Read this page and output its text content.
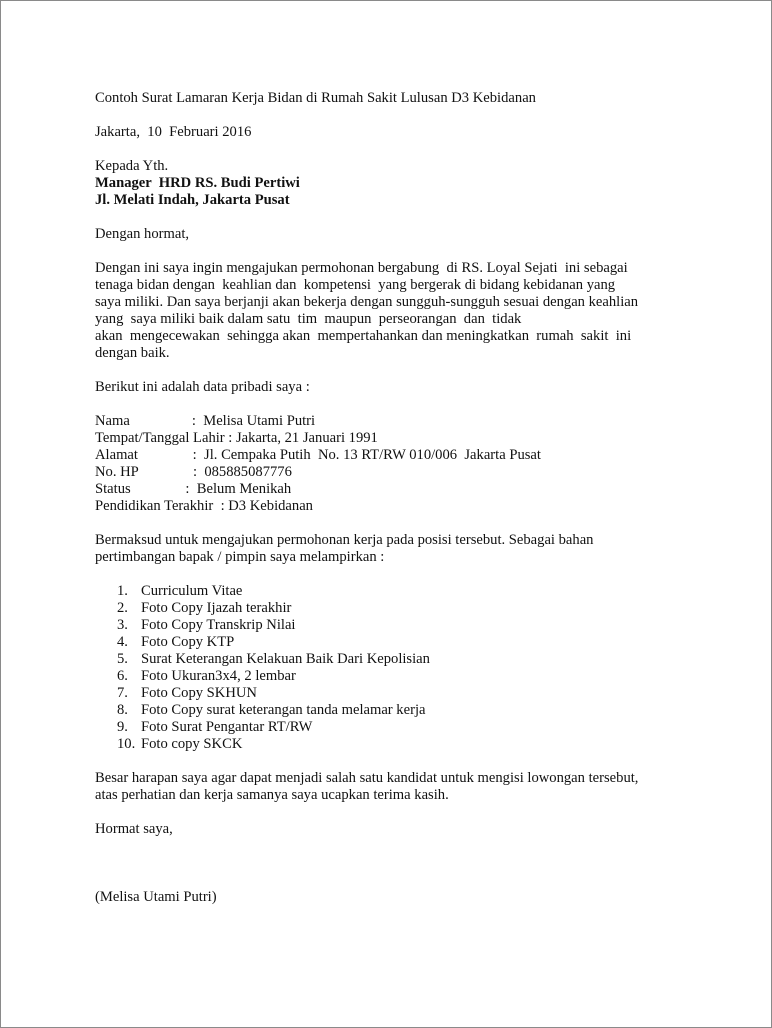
Contoh Surat Lamaran Kerja Bidan di Rumah Sakit Lulusan D3 Kebidanan

Jakarta,  10  Februari 2016

Kepada Yth.

Manager  HRD RS. Budi Pertiwi

Jl. Melati Indah, Jakarta Pusat

Dengan hormat,

Dengan ini saya ingin mengajukan permohonan bergabung  di RS. Loyal Sejati  ini sebagai
tenaga bidan dengan  keahlian dan  kompetensi  yang bergerak di bidang kebidanan yang
saya miliki. Dan saya berjanji akan bekerja dengan sungguh-sungguh sesuai dengan keahlian
yang  saya miliki baik dalam satu  tim  maupun  perseorangan  dan  tidak
akan  mengecewakan  sehingga akan  mempertahankan dan meningkatkan  rumah  sakit  ini
dengan baik.

Berikut ini adalah data pribadi saya :

Nama                 :  Melisa Utami Putri
Tempat/Tanggal Lahir : Jakarta, 21 Januari 1991
Alamat               :  Jl. Cempaka Putih  No. 13 RT/RW 010/006  Jakarta Pusat
No. HP               :  085885087776
Status               :  Belum Menikah
Pendidikan Terakhir  : D3 Kebidanan
Bermaksud untuk mengajukan permohonan kerja pada posisi tersebut. Sebagai bahan
pertimbangan bapak / pimpin saya melampirkan :
1. Curriculum Vitae
2. Foto Copy Ijazah terakhir
3. Foto Copy Transkrip Nilai
4. Foto Copy KTP
5. Surat Keterangan Kelakuan Baik Dari Kepolisian
6. Foto Ukuran3x4, 2 lembar
7. Foto Copy SKHUN
8. Foto Copy surat keterangan tanda melamar kerja
9. Foto Surat Pengantar RT/RW
10. Foto copy SKCK
Besar harapan saya agar dapat menjadi salah satu kandidat untuk mengisi lowongan tersebut,
atas perhatian dan kerja samanya saya ucapkan terima kasih.

Hormat saya,

(Melisa Utami Putri)
